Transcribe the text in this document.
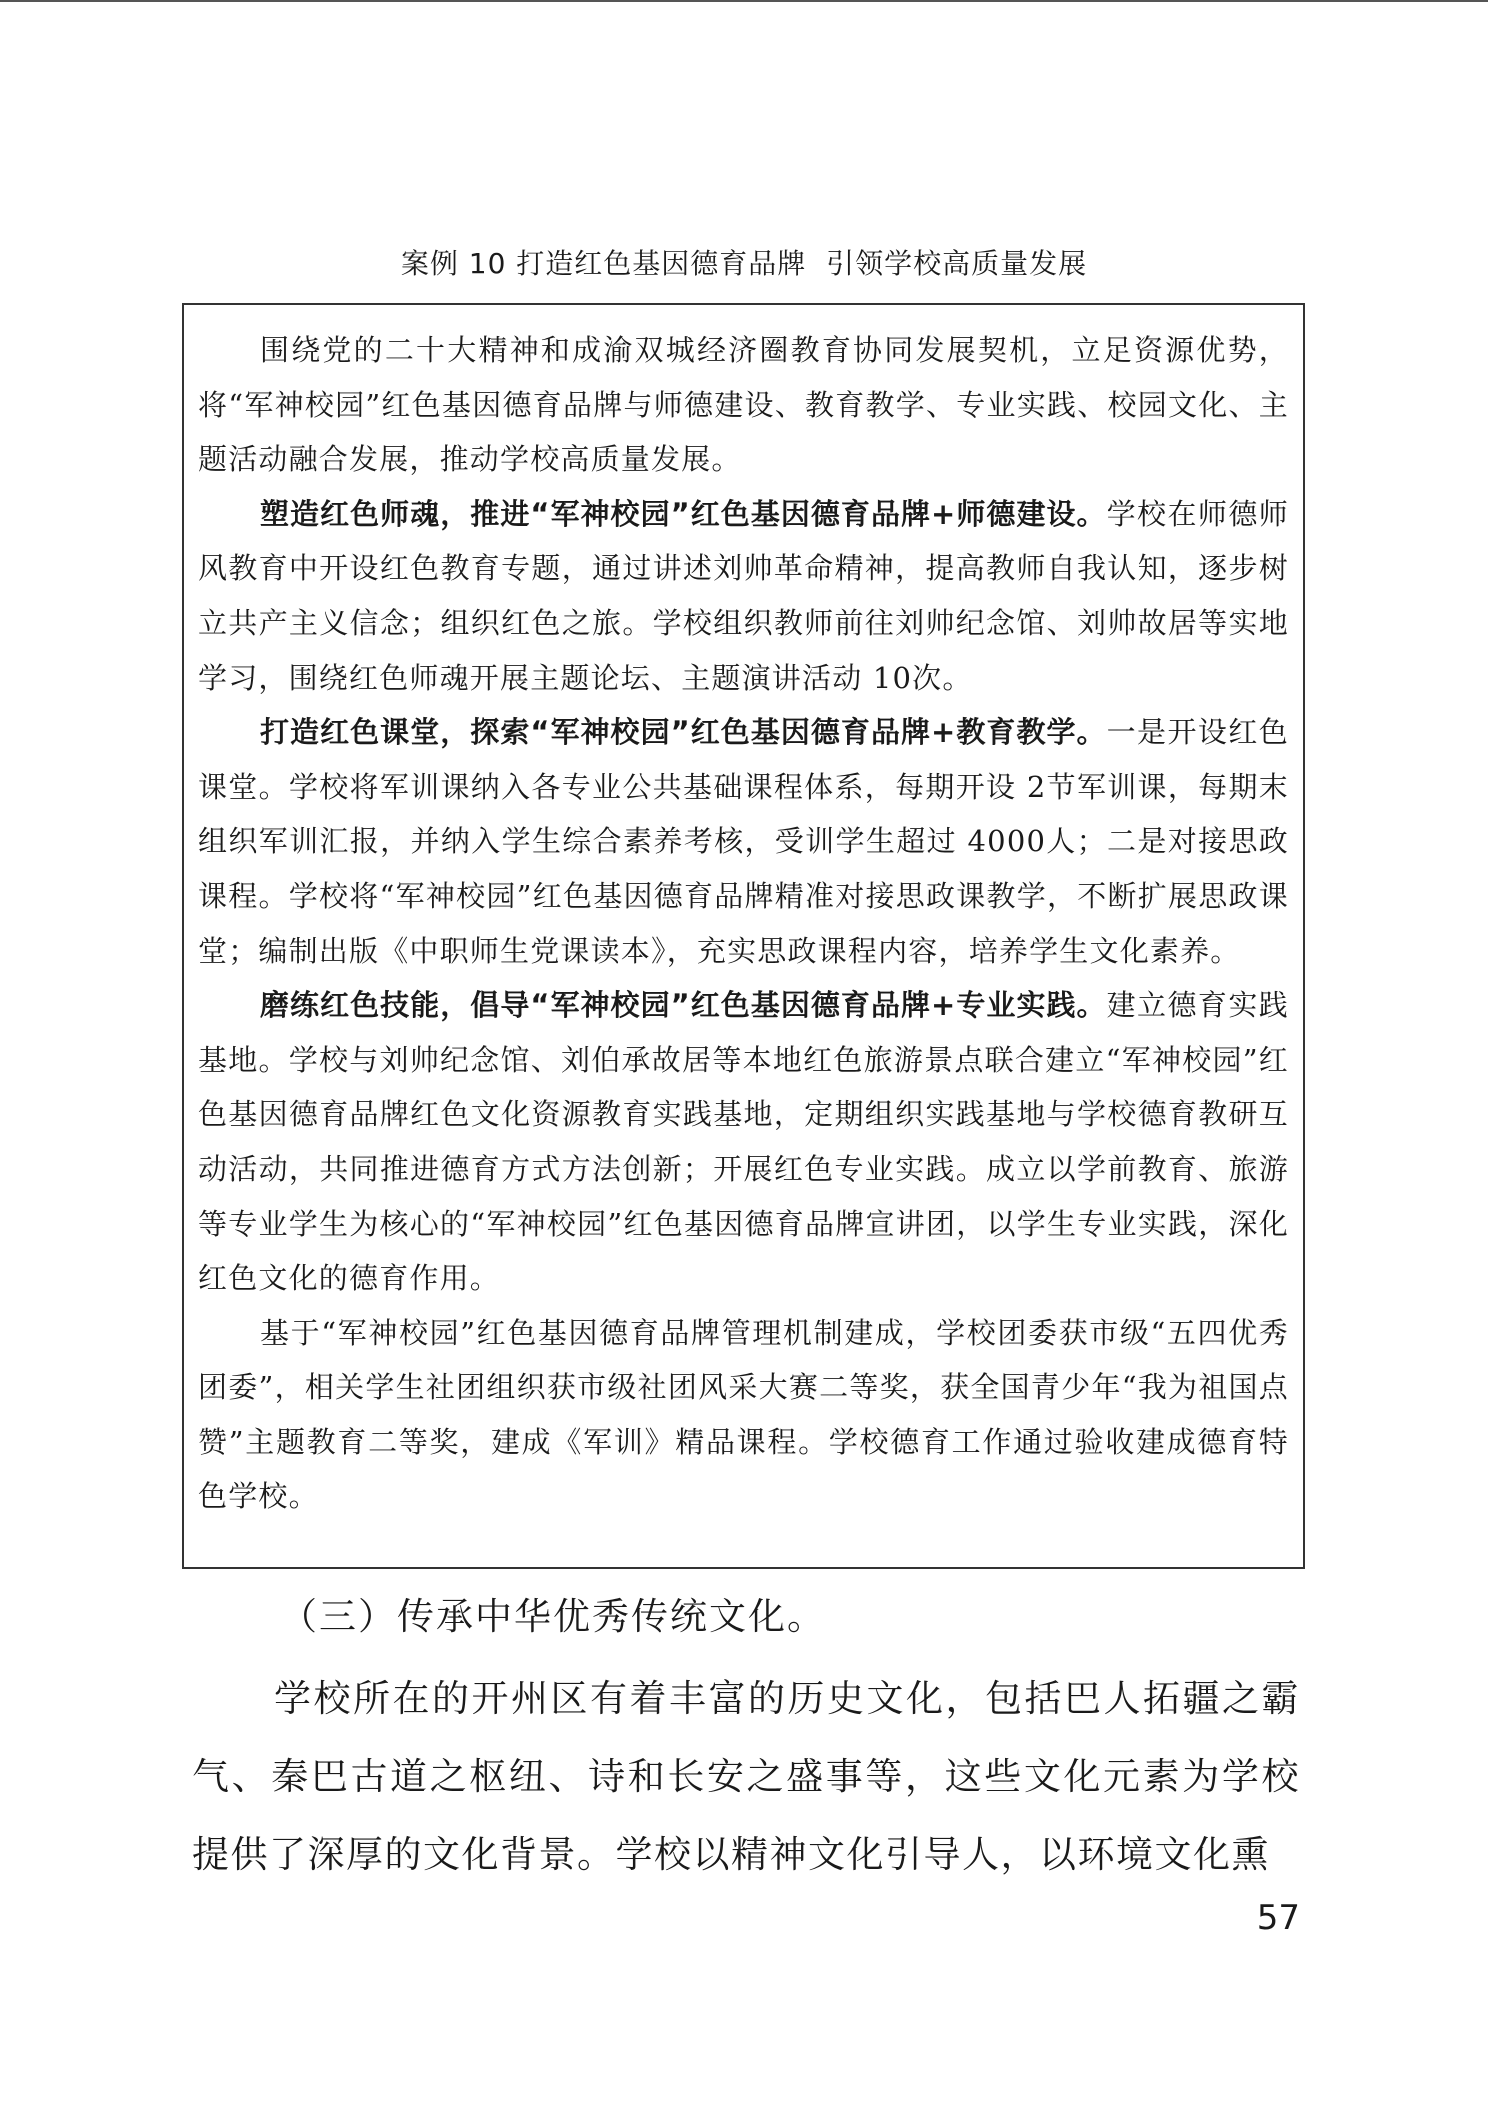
案例 10 打造红色基因德育品牌  引领学校高质量发展

围绕党的二十大精神和成渝双城经济圈教育协同发展契机，立足资源优势，将“军神校园”红色基因德育品牌与师德建设、教育教学、专业实践、校园文化、主题活动融合发展，推动学校高质量发展。

塑造红色师魂，推进“军神校园”红色基因德育品牌+师德建设。学校在师德师风教育中开设红色教育专题，通过讲述刘帅革命精神，提高教师自我认知，逐步树立共产主义信念；组织红色之旅。学校组织教师前往刘帅纪念馆、刘帅故居等实地学习，围绕红色师魂开展主题论坛、主题演讲活动 10次。

打造红色课堂，探索“军神校园”红色基因德育品牌+教育教学。一是开设红色课堂。学校将军训课纳入各专业公共基础课程体系，每期开设 2节军训课，每期末组织军训汇报，并纳入学生综合素养考核，受训学生超过 4000人；二是对接思政课程。学校将“军神校园”红色基因德育品牌精准对接思政课教学，不断扩展思政课堂；编制出版《中职师生党课读本》，充实思政课程内容，培养学生文化素养。

磨练红色技能，倡导“军神校园”红色基因德育品牌+专业实践。建立德育实践基地。学校与刘帅纪念馆、刘伯承故居等本地红色旅游景点联合建立“军神校园”红色基因德育品牌红色文化资源教育实践基地，定期组织实践基地与学校德育教研互动活动，共同推进德育方式方法创新；开展红色专业实践。成立以学前教育、旅游等专业学生为核心的“军神校园”红色基因德育品牌宣讲团，以学生专业实践，深化红色文化的德育作用。

基于“军神校园”红色基因德育品牌管理机制建成，学校团委获市级“五四优秀团委”，相关学生社团组织获市级社团风采大赛二等奖，获全国青少年“我为祖国点赞”主题教育二等奖，建成《军训》精品课程。学校德育工作通过验收建成德育特色学校。

（三）传承中华优秀传统文化。

学校所在的开州区有着丰富的历史文化，包括巴人拓疆之霸气、秦巴古道之枢纽、诗和长安之盛事等，这些文化元素为学校提供了深厚的文化背景。学校以精神文化引导人，以环境文化熏

57
